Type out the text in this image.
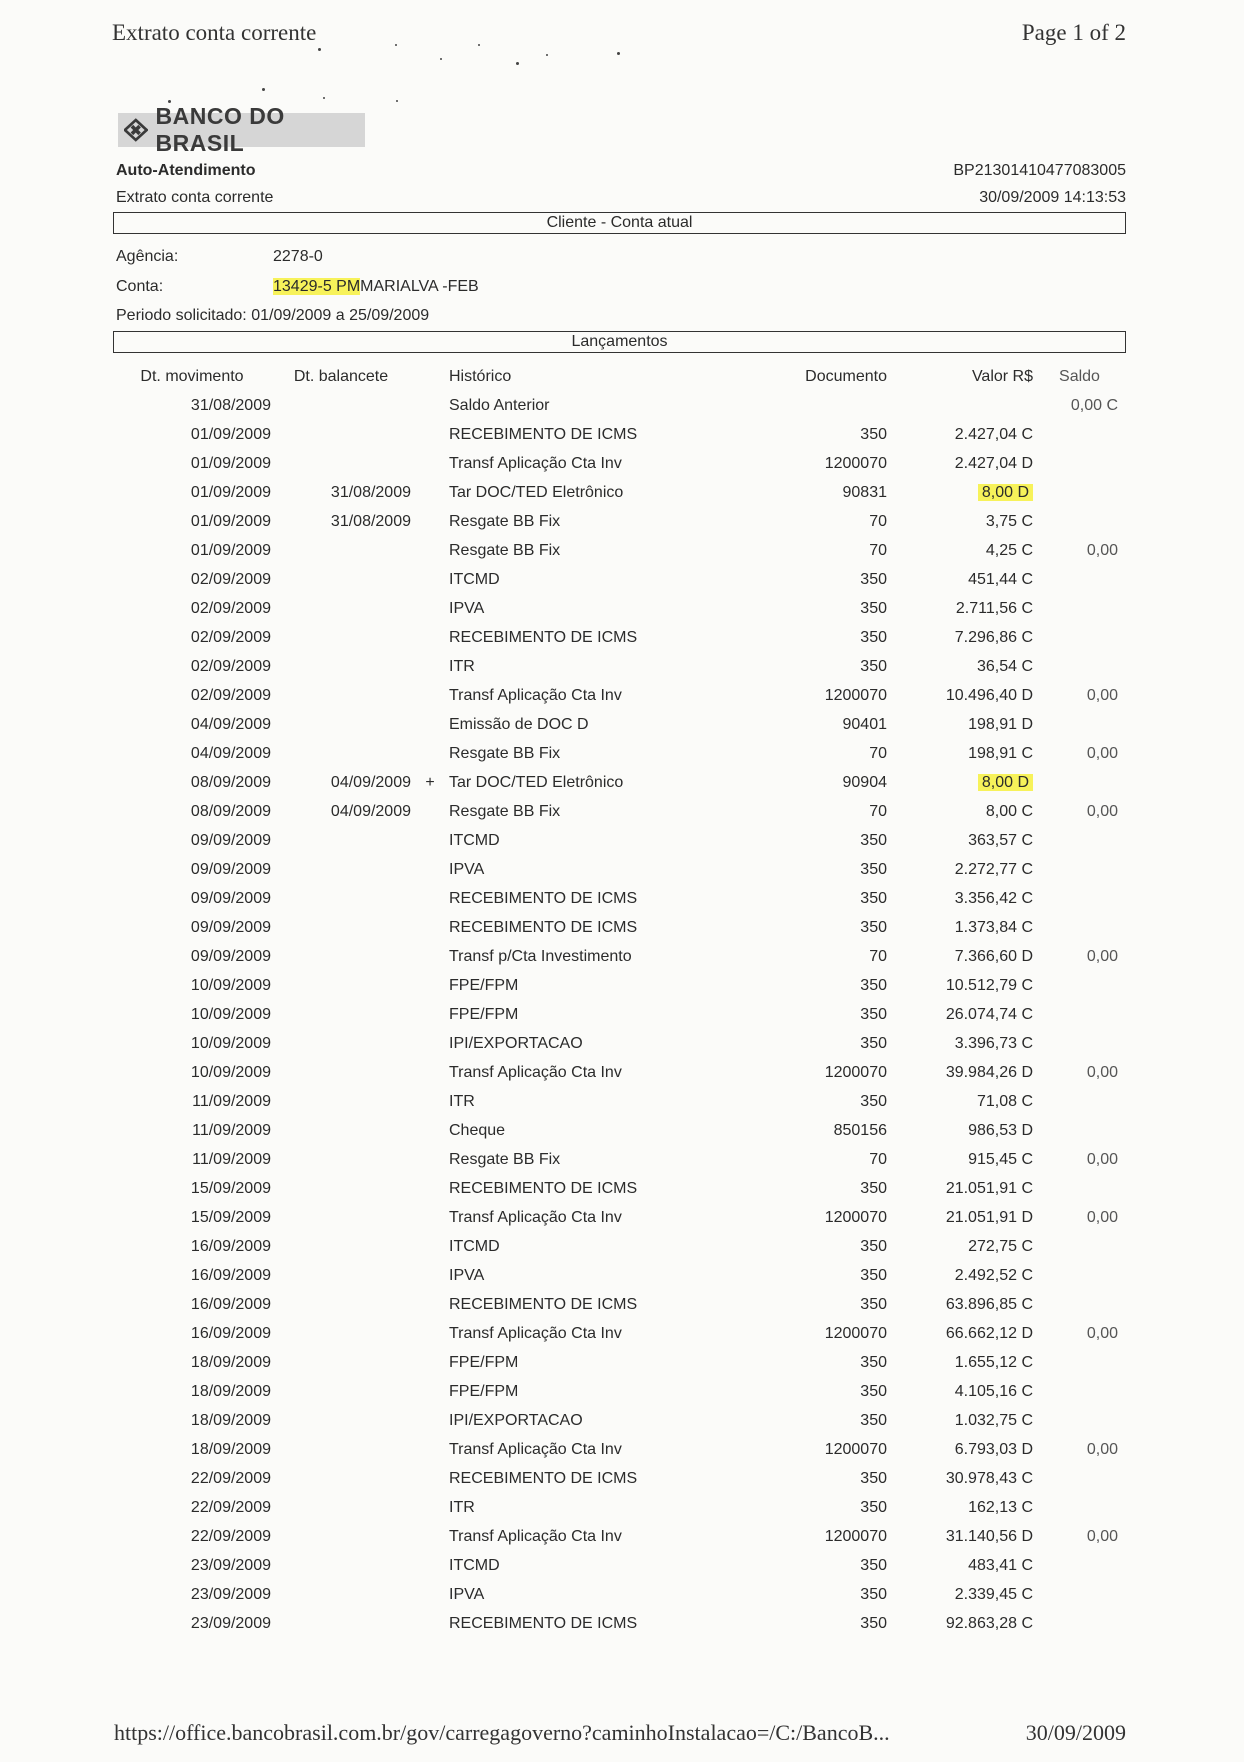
Extrato conta corrente	Page 1 of 2
BANCO DO BRASIL
Auto-Atendimento
Extrato conta corrente
BP21301410477083005
30/09/2009 14:13:53
Cliente - Conta atual
Agência:	2278-0
Conta:	13429-5 PMMARIALVA -FEB
Periodo solicitado: 01/09/2009 a 25/09/2009
Lançamentos
Dt. movimento	Dt. balancete		Histórico	Documento	Valor R$	Saldo
31/08/2009			Saldo Anterior			0,00 C
01/09/2009			RECEBIMENTO DE ICMS	350	2.427,04 C	
01/09/2009			Transf Aplicação Cta Inv	1200070	2.427,04 D	
01/09/2009	31/08/2009		Tar DOC/TED Eletrônico	90831	8,00 D	
01/09/2009	31/08/2009		Resgate BB Fix	70	3,75 C	
01/09/2009			Resgate BB Fix	70	4,25 C	0,00
02/09/2009			ITCMD	350	451,44 C	
02/09/2009			IPVA	350	2.711,56 C	
02/09/2009			RECEBIMENTO DE ICMS	350	7.296,86 C	
02/09/2009			ITR	350	36,54 C	
02/09/2009			Transf Aplicação Cta Inv	1200070	10.496,40 D	0,00
04/09/2009			Emissão de DOC D	90401	198,91 D	
04/09/2009			Resgate BB Fix	70	198,91 C	0,00
08/09/2009	04/09/2009	+	Tar DOC/TED Eletrônico	90904	8,00 D	
08/09/2009	04/09/2009		Resgate BB Fix	70	8,00 C	0,00
09/09/2009			ITCMD	350	363,57 C	
09/09/2009			IPVA	350	2.272,77 C	
09/09/2009			RECEBIMENTO DE ICMS	350	3.356,42 C	
09/09/2009			RECEBIMENTO DE ICMS	350	1.373,84 C	
09/09/2009			Transf p/Cta Investimento	70	7.366,60 D	0,00
10/09/2009			FPE/FPM	350	10.512,79 C	
10/09/2009			FPE/FPM	350	26.074,74 C	
10/09/2009			IPI/EXPORTACAO	350	3.396,73 C	
10/09/2009			Transf Aplicação Cta Inv	1200070	39.984,26 D	0,00
11/09/2009			ITR	350	71,08 C	
11/09/2009			Cheque	850156	986,53 D	
11/09/2009			Resgate BB Fix	70	915,45 C	0,00
15/09/2009			RECEBIMENTO DE ICMS	350	21.051,91 C	
15/09/2009			Transf Aplicação Cta Inv	1200070	21.051,91 D	0,00
16/09/2009			ITCMD	350	272,75 C	
16/09/2009			IPVA	350	2.492,52 C	
16/09/2009			RECEBIMENTO DE ICMS	350	63.896,85 C	
16/09/2009			Transf Aplicação Cta Inv	1200070	66.662,12 D	0,00
18/09/2009			FPE/FPM	350	1.655,12 C	
18/09/2009			FPE/FPM	350	4.105,16 C	
18/09/2009			IPI/EXPORTACAO	350	1.032,75 C	
18/09/2009			Transf Aplicação Cta Inv	1200070	6.793,03 D	0,00
22/09/2009			RECEBIMENTO DE ICMS	350	30.978,43 C	
22/09/2009			ITR	350	162,13 C	
22/09/2009			Transf Aplicação Cta Inv	1200070	31.140,56 D	0,00
23/09/2009			ITCMD	350	483,41 C	
23/09/2009			IPVA	350	2.339,45 C	
23/09/2009			RECEBIMENTO DE ICMS	350	92.863,28 C	
https://office.bancobrasil.com.br/gov/carregagoverno?caminhoInstalacao=/C:/BancoB...	30/09/2009
